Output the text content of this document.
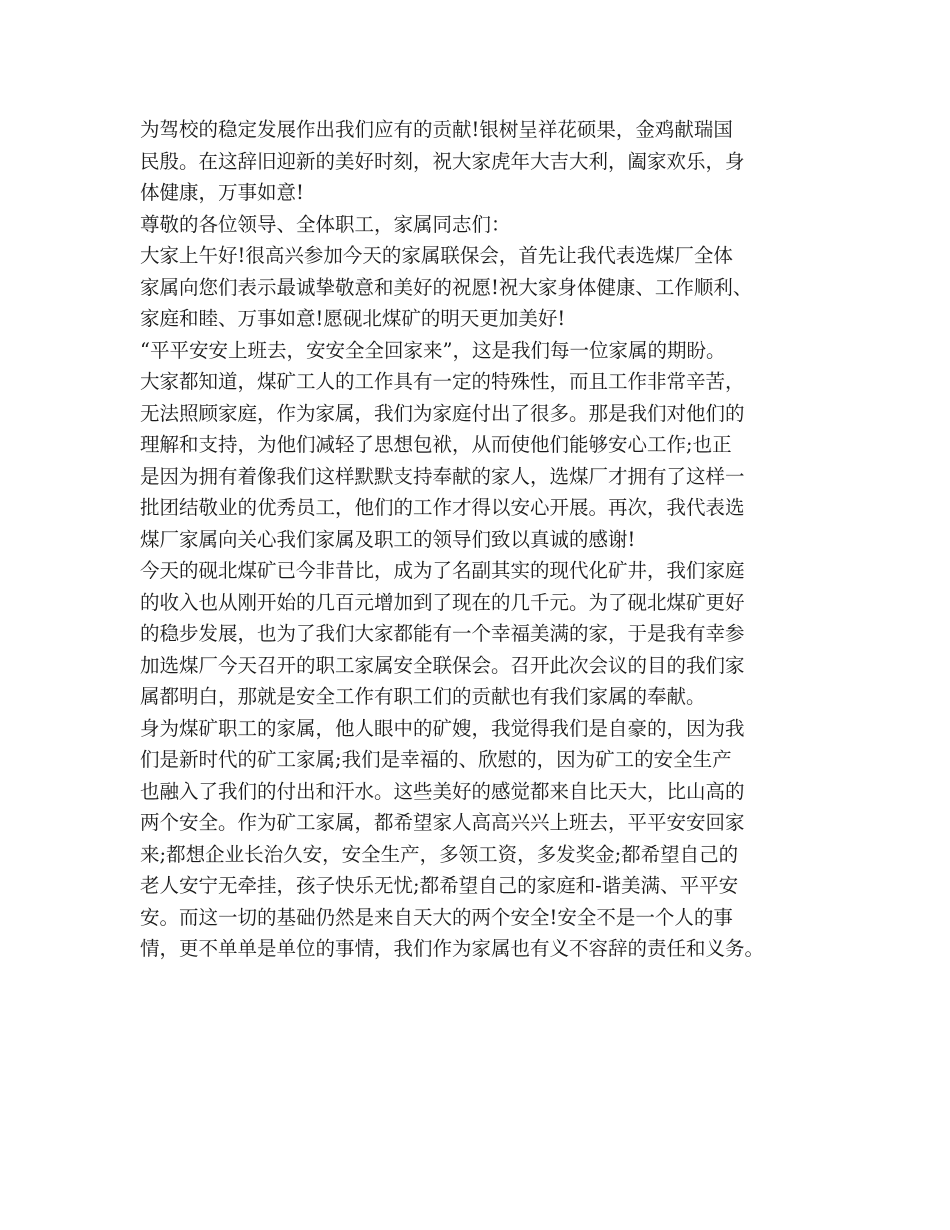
为驾校的稳定发展作出我们应有的贡献!银树呈祥花硕果，金鸡献瑞国
民殷。在这辞旧迎新的美好时刻，祝大家虎年大吉大利，阖家欢乐，身
体健康，万事如意!
尊敬的各位领导、全体职工，家属同志们：
大家上午好!很高兴参加今天的家属联保会，首先让我代表选煤厂全体
家属向您们表示最诚挚敬意和美好的祝愿!祝大家身体健康、工作顺利、
家庭和睦、万事如意!愿砚北煤矿的明天更加美好!
“平平安安上班去，安安全全回家来”，这是我们每一位家属的期盼。
大家都知道，煤矿工人的工作具有一定的特殊性，而且工作非常辛苦，
无法照顾家庭，作为家属，我们为家庭付出了很多。那是我们对他们的
理解和支持，为他们减轻了思想包袱，从而使他们能够安心工作;也正
是因为拥有着像我们这样默默支持奉献的家人，选煤厂才拥有了这样一
批团结敬业的优秀员工，他们的工作才得以安心开展。再次，我代表选
煤厂家属向关心我们家属及职工的领导们致以真诚的感谢!
今天的砚北煤矿已今非昔比，成为了名副其实的现代化矿井，我们家庭
的收入也从刚开始的几百元增加到了现在的几千元。为了砚北煤矿更好
的稳步发展，也为了我们大家都能有一个幸福美满的家，于是我有幸参
加选煤厂今天召开的职工家属安全联保会。召开此次会议的目的我们家
属都明白，那就是安全工作有职工们的贡献也有我们家属的奉献。
身为煤矿职工的家属，他人眼中的矿嫂，我觉得我们是自豪的，因为我
们是新时代的矿工家属;我们是幸福的、欣慰的，因为矿工的安全生产
也融入了我们的付出和汗水。这些美好的感觉都来自比天大，比山高的
两个安全。作为矿工家属，都希望家人高高兴兴上班去，平平安安回家
来;都想企业长治久安，安全生产，多领工资，多发奖金;都希望自己的
老人安宁无牵挂，孩子快乐无忧;都希望自己的家庭和-谐美满、平平安
安。而这一切的基础仍然是来自天大的两个安全!安全不是一个人的事
情，更不单单是单位的事情，我们作为家属也有义不容辞的责任和义务。
